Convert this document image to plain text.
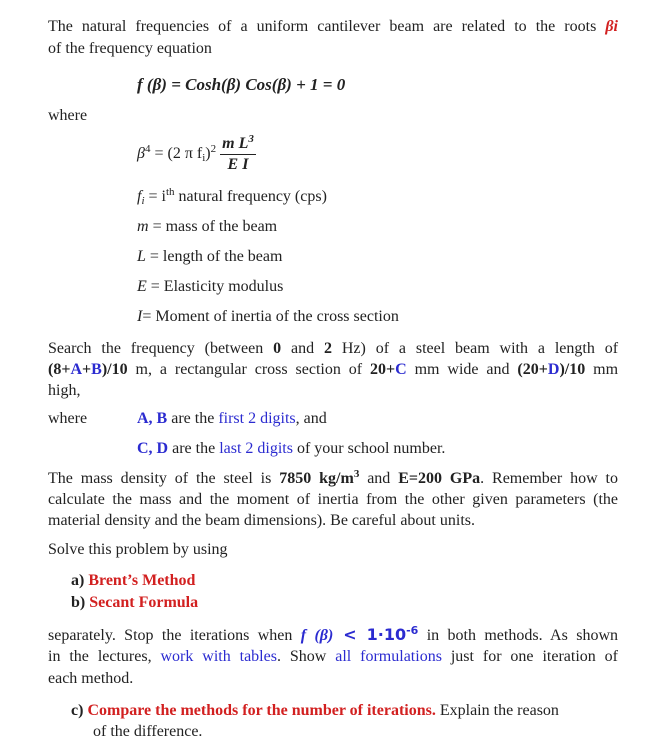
The natural frequencies of a uniform cantilever beam are related to the roots βi
of the frequency equation
f (β) = Cosh(β) Cos(β) + 1 = 0
where
$\beta^4 = (2$ π $f_i)^2 \frac{m L^3}{\text{E I}}$
$f_i = i^{th}$ natural frequency (cps)
m = mass of the beam
L = length of the beam
E = Elasticity modulus
I= Moment of inertia of the cross section
Search the frequency (between 0 and 2 Hz) of a steel beam with a length of
(8+A+B)/10 m, a rectangular cross section of 20+C mm wide and (20+D)/10 mm
high,
where	A, B are the first 2 digits, and
C, D are the last 2 digits of your school number.
The mass density of the steel is 7850 $kg/m^3$ and E=200 GPa. Remember how to
calculate the mass and the moment of inertia from the other given parameters (the
material density and the beam dimensions). Be careful about units.
Solve this problem by using
a) Brent’s Method
b) Secant Formula
separately. Stop the iterations when f $(\beta) < 1\cdot 10^{-6}$ in both methods. As shown
in the lectures, work with tables. Show all formulations just for one iteration of
each method.
c) Compare the methods for the number of iterations. Explain the reason
of the difference.
